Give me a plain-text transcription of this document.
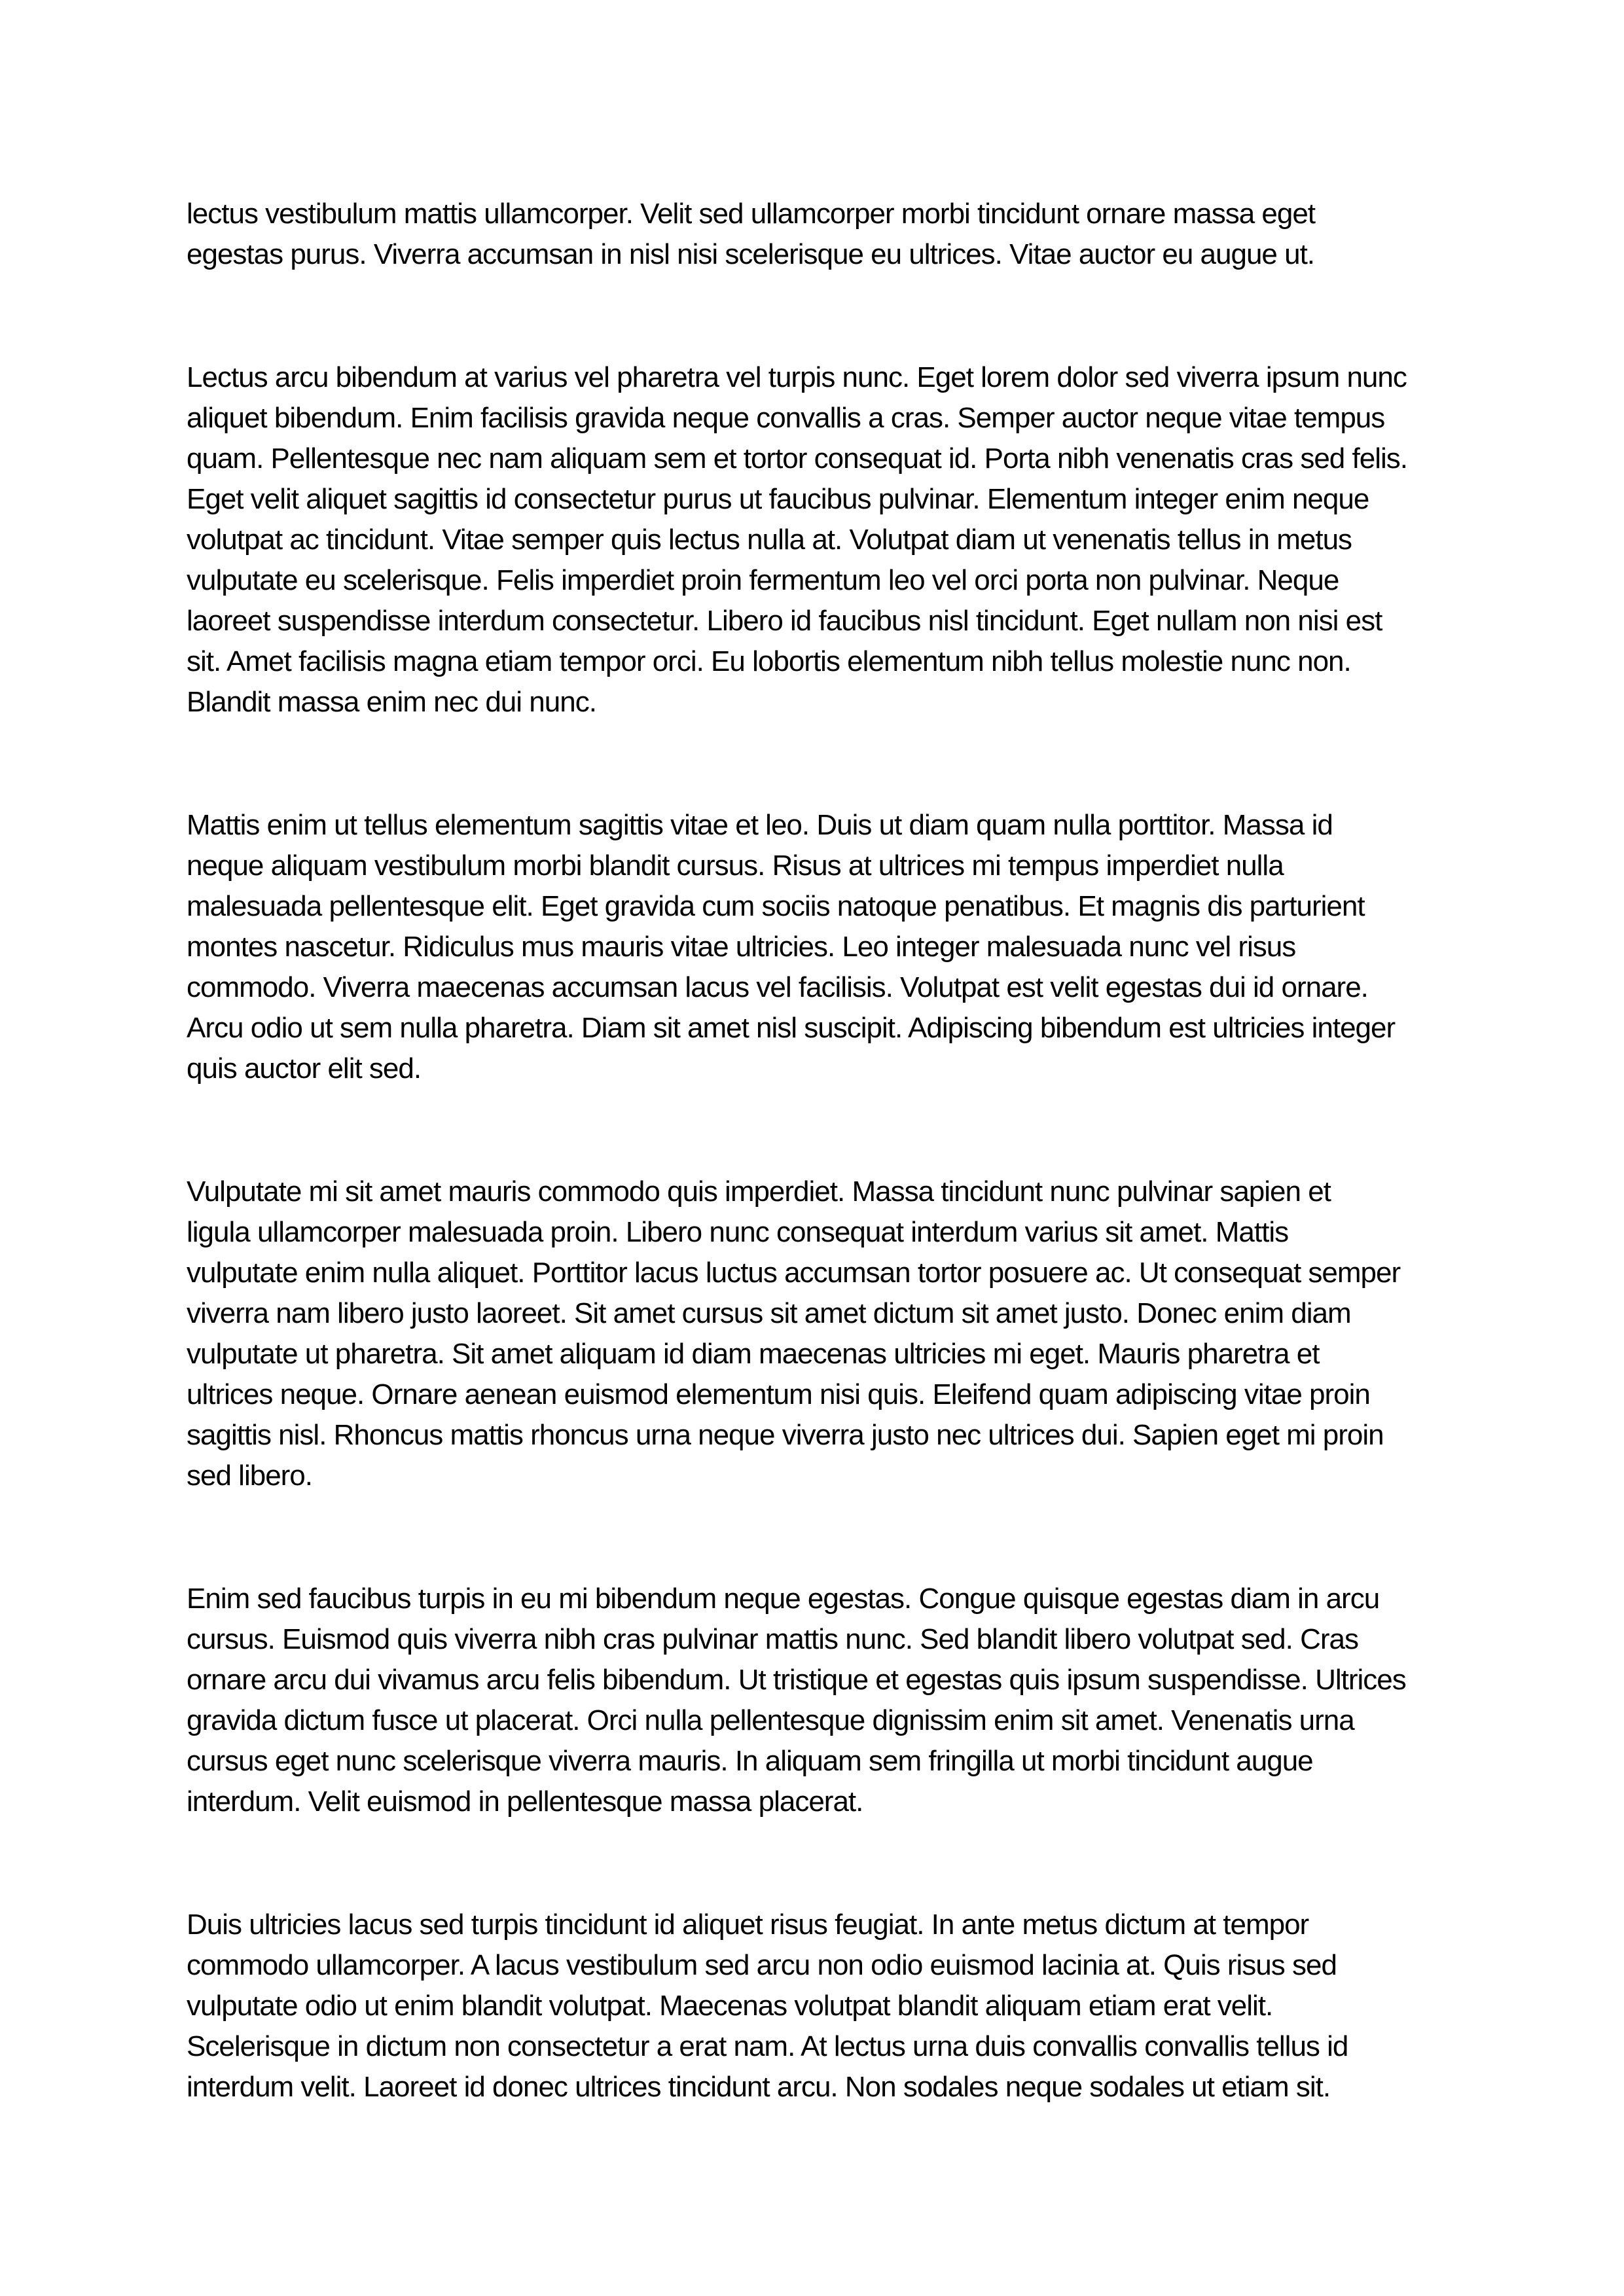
lectus vestibulum mattis ullamcorper. Velit sed ullamcorper morbi tincidunt ornare massa eget
egestas purus. Viverra accumsan in nisl nisi scelerisque eu ultrices. Vitae auctor eu augue ut.

Lectus arcu bibendum at varius vel pharetra vel turpis nunc. Eget lorem dolor sed viverra ipsum nunc
aliquet bibendum. Enim facilisis gravida neque convallis a cras. Semper auctor neque vitae tempus
quam. Pellentesque nec nam aliquam sem et tortor consequat id. Porta nibh venenatis cras sed felis.
Eget velit aliquet sagittis id consectetur purus ut faucibus pulvinar. Elementum integer enim neque
volutpat ac tincidunt. Vitae semper quis lectus nulla at. Volutpat diam ut venenatis tellus in metus
vulputate eu scelerisque. Felis imperdiet proin fermentum leo vel orci porta non pulvinar. Neque
laoreet suspendisse interdum consectetur. Libero id faucibus nisl tincidunt. Eget nullam non nisi est
sit. Amet facilisis magna etiam tempor orci. Eu lobortis elementum nibh tellus molestie nunc non.
Blandit massa enim nec dui nunc.

Mattis enim ut tellus elementum sagittis vitae et leo. Duis ut diam quam nulla porttitor. Massa id
neque aliquam vestibulum morbi blandit cursus. Risus at ultrices mi tempus imperdiet nulla
malesuada pellentesque elit. Eget gravida cum sociis natoque penatibus. Et magnis dis parturient
montes nascetur. Ridiculus mus mauris vitae ultricies. Leo integer malesuada nunc vel risus
commodo. Viverra maecenas accumsan lacus vel facilisis. Volutpat est velit egestas dui id ornare.
Arcu odio ut sem nulla pharetra. Diam sit amet nisl suscipit. Adipiscing bibendum est ultricies integer
quis auctor elit sed.

Vulputate mi sit amet mauris commodo quis imperdiet. Massa tincidunt nunc pulvinar sapien et
ligula ullamcorper malesuada proin. Libero nunc consequat interdum varius sit amet. Mattis
vulputate enim nulla aliquet. Porttitor lacus luctus accumsan tortor posuere ac. Ut consequat semper
viverra nam libero justo laoreet. Sit amet cursus sit amet dictum sit amet justo. Donec enim diam
vulputate ut pharetra. Sit amet aliquam id diam maecenas ultricies mi eget. Mauris pharetra et
ultrices neque. Ornare aenean euismod elementum nisi quis. Eleifend quam adipiscing vitae proin
sagittis nisl. Rhoncus mattis rhoncus urna neque viverra justo nec ultrices dui. Sapien eget mi proin
sed libero.

Enim sed faucibus turpis in eu mi bibendum neque egestas. Congue quisque egestas diam in arcu
cursus. Euismod quis viverra nibh cras pulvinar mattis nunc. Sed blandit libero volutpat sed. Cras
ornare arcu dui vivamus arcu felis bibendum. Ut tristique et egestas quis ipsum suspendisse. Ultrices
gravida dictum fusce ut placerat. Orci nulla pellentesque dignissim enim sit amet. Venenatis urna
cursus eget nunc scelerisque viverra mauris. In aliquam sem fringilla ut morbi tincidunt augue
interdum. Velit euismod in pellentesque massa placerat.

Duis ultricies lacus sed turpis tincidunt id aliquet risus feugiat. In ante metus dictum at tempor
commodo ullamcorper. A lacus vestibulum sed arcu non odio euismod lacinia at. Quis risus sed
vulputate odio ut enim blandit volutpat. Maecenas volutpat blandit aliquam etiam erat velit.
Scelerisque in dictum non consectetur a erat nam. At lectus urna duis convallis convallis tellus id
interdum velit. Laoreet id donec ultrices tincidunt arcu. Non sodales neque sodales ut etiam sit.
